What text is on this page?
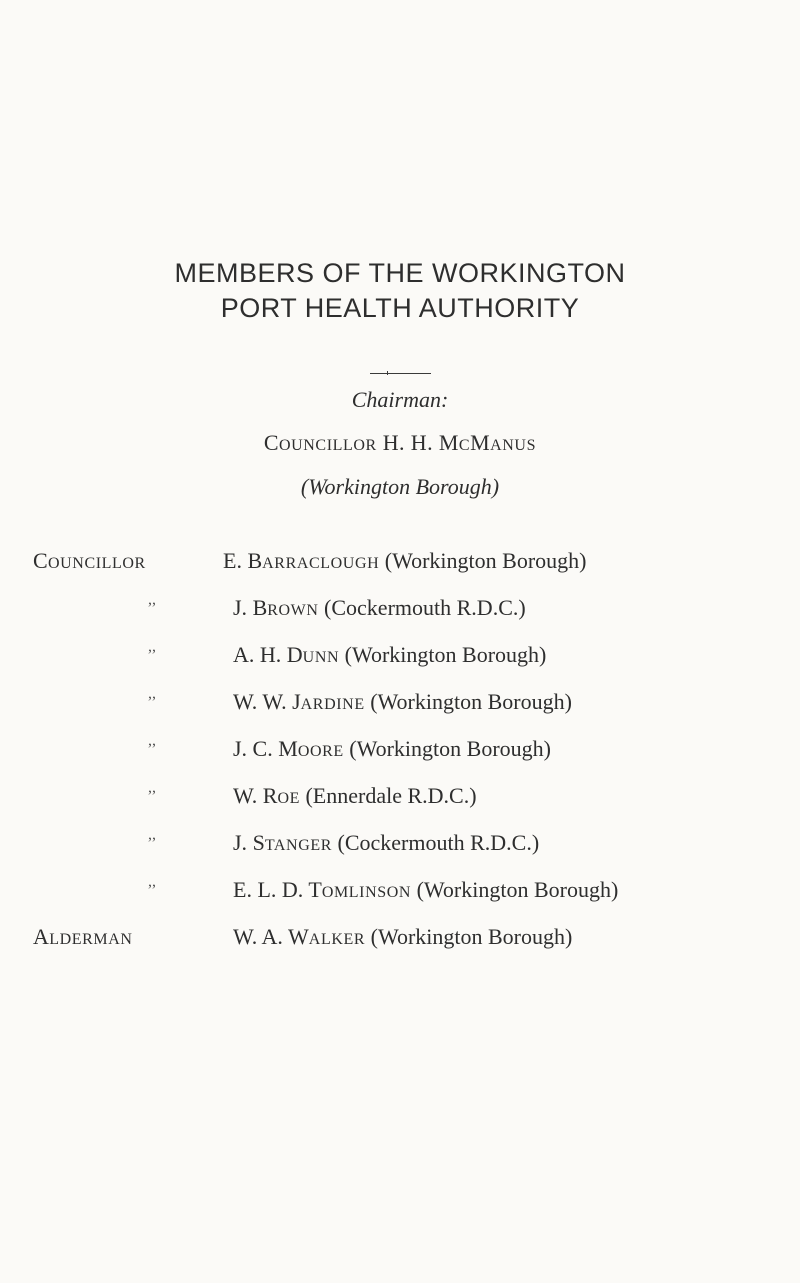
MEMBERS OF THE WORKINGTON
PORT HEALTH AUTHORITY
Chairman:
COUNCILLOR H. H. MCMANUS
(Workington Borough)
COUNCILLOR	E. BARRACLOUGH (Workington Borough)
,,	J. BROWN (Cockermouth R.D.C.)
,,	A. H. DUNN (Workington Borough)
,,	W. W. JARDINE (Workington Borough)
,,	J. C. MOORE (Workington Borough)
,,	W. ROE (Ennerdale R.D.C.)
,,	J. STANGER (Cockermouth R.D.C.)
,,	E. L. D. TOMLINSON (Workington Borough)
ALDERMAN	W. A. WALKER (Workington Borough)
